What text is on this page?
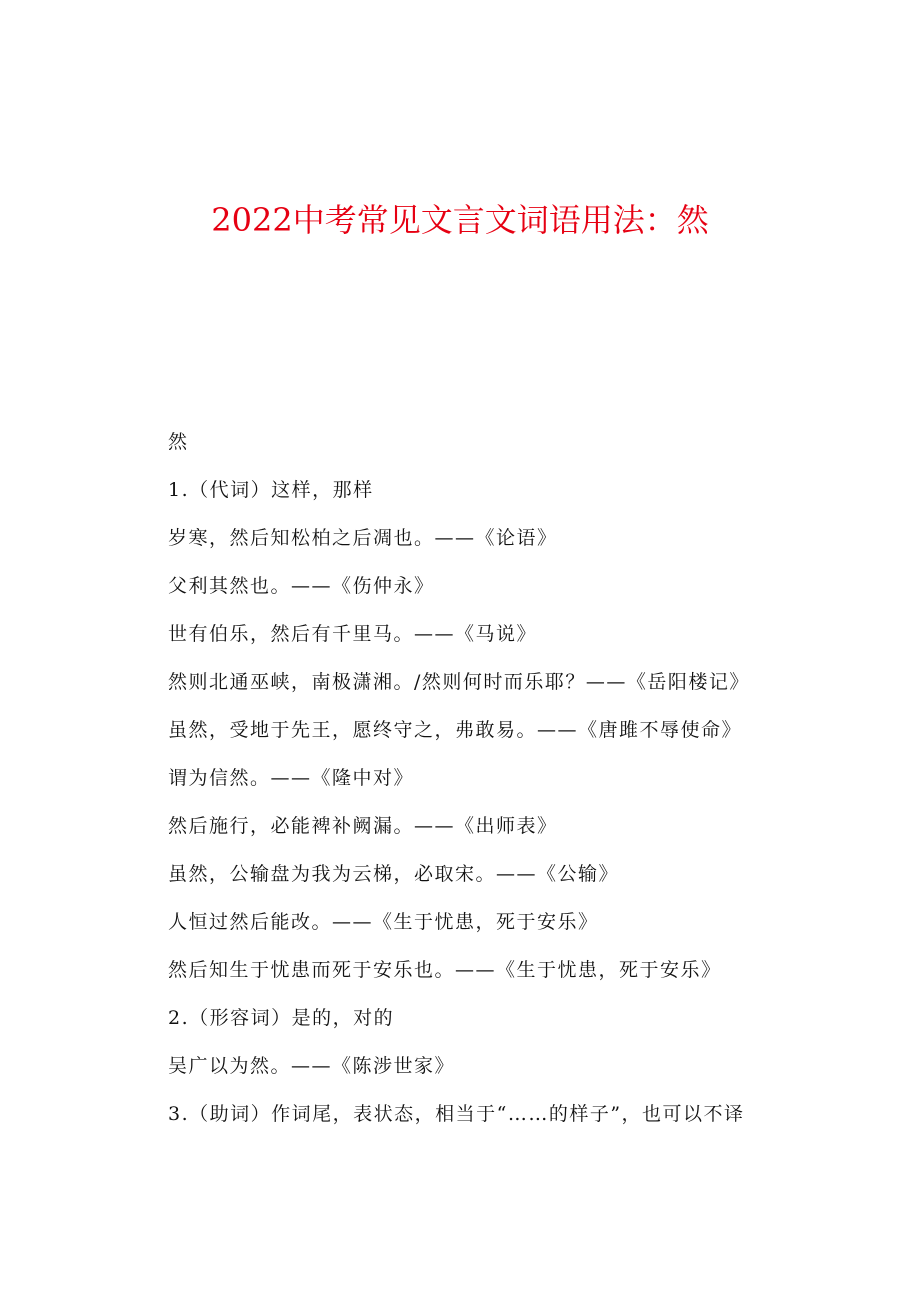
2022中考常见文言文词语用法：然
然
1.（代词）这样，那样
岁寒，然后知松柏之后凋也。——《论语》
父利其然也。——《伤仲永》
世有伯乐，然后有千里马。——《马说》
然则北通巫峡，南极潇湘。/然则何时而乐耶？——《岳阳楼记》
虽然，受地于先王，愿终守之，弗敢易。——《唐雎不辱使命》
谓为信然。——《隆中对》
然后施行，必能裨补阙漏。——《出师表》
虽然，公输盘为我为云梯，必取宋。——《公输》
人恒过然后能改。——《生于忧患，死于安乐》
然后知生于忧患而死于安乐也。——《生于忧患，死于安乐》
2.（形容词）是的，对的
吴广以为然。——《陈涉世家》
3.（助词）作词尾，表状态，相当于“……的样子”，也可以不译
